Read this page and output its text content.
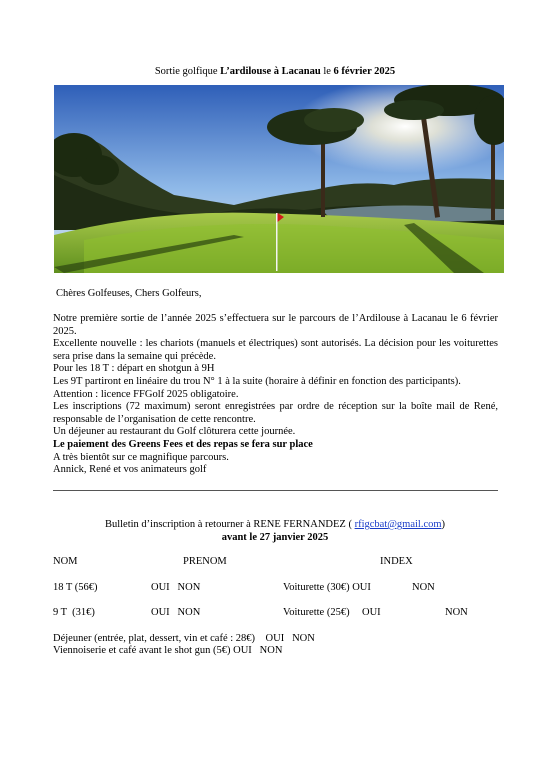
Sortie golfique L’ardilouse à Lacanau le 6 février 2025
Chères Golfeuses, Chers Golfeurs,

Notre première sortie de l’année 2025 s’effectuera sur le parcours de l’Ardilouse à Lacanau le 6 février 2025.

Excellente nouvelle : les chariots (manuels et électriques) sont autorisés. La décision pour les voiturettes sera prise dans la semaine qui précède.

Pour les 18 T : départ en shotgun à 9H

Les 9T partiront en linéaire du trou N° 1 à la suite (horaire à définir en fonction des participants).

Attention : licence FFGolf 2025 obligatoire.

Les inscriptions (72 maximum) seront enregistrées par ordre de réception sur la boîte mail de René, responsable de l’organisation de cette rencontre.

Un déjeuner au restaurant du Golf clôturera cette journée.

Le paiement des Greens Fees et des repas se fera sur place

A très bientôt sur ce magnifique parcours.

Annick, René et vos animateurs golf

Bulletin d’inscription à retourner à RENE FERNANDEZ ( rfigcbat@gmail.com)
avant le 27 janvier 2025
NOM	PRENOM	INDEX
18 T (56€)	OUI   NON	Voiturette (30€) OUI	NON
9 T  (31€)	OUI   NON	Voiturette (25€) OUI	NON
Déjeuner (entrée, plat, dessert, vin et café : 28€)    OUI   NON
Viennoiserie et café avant le shot gun (5€) OUI   NON
